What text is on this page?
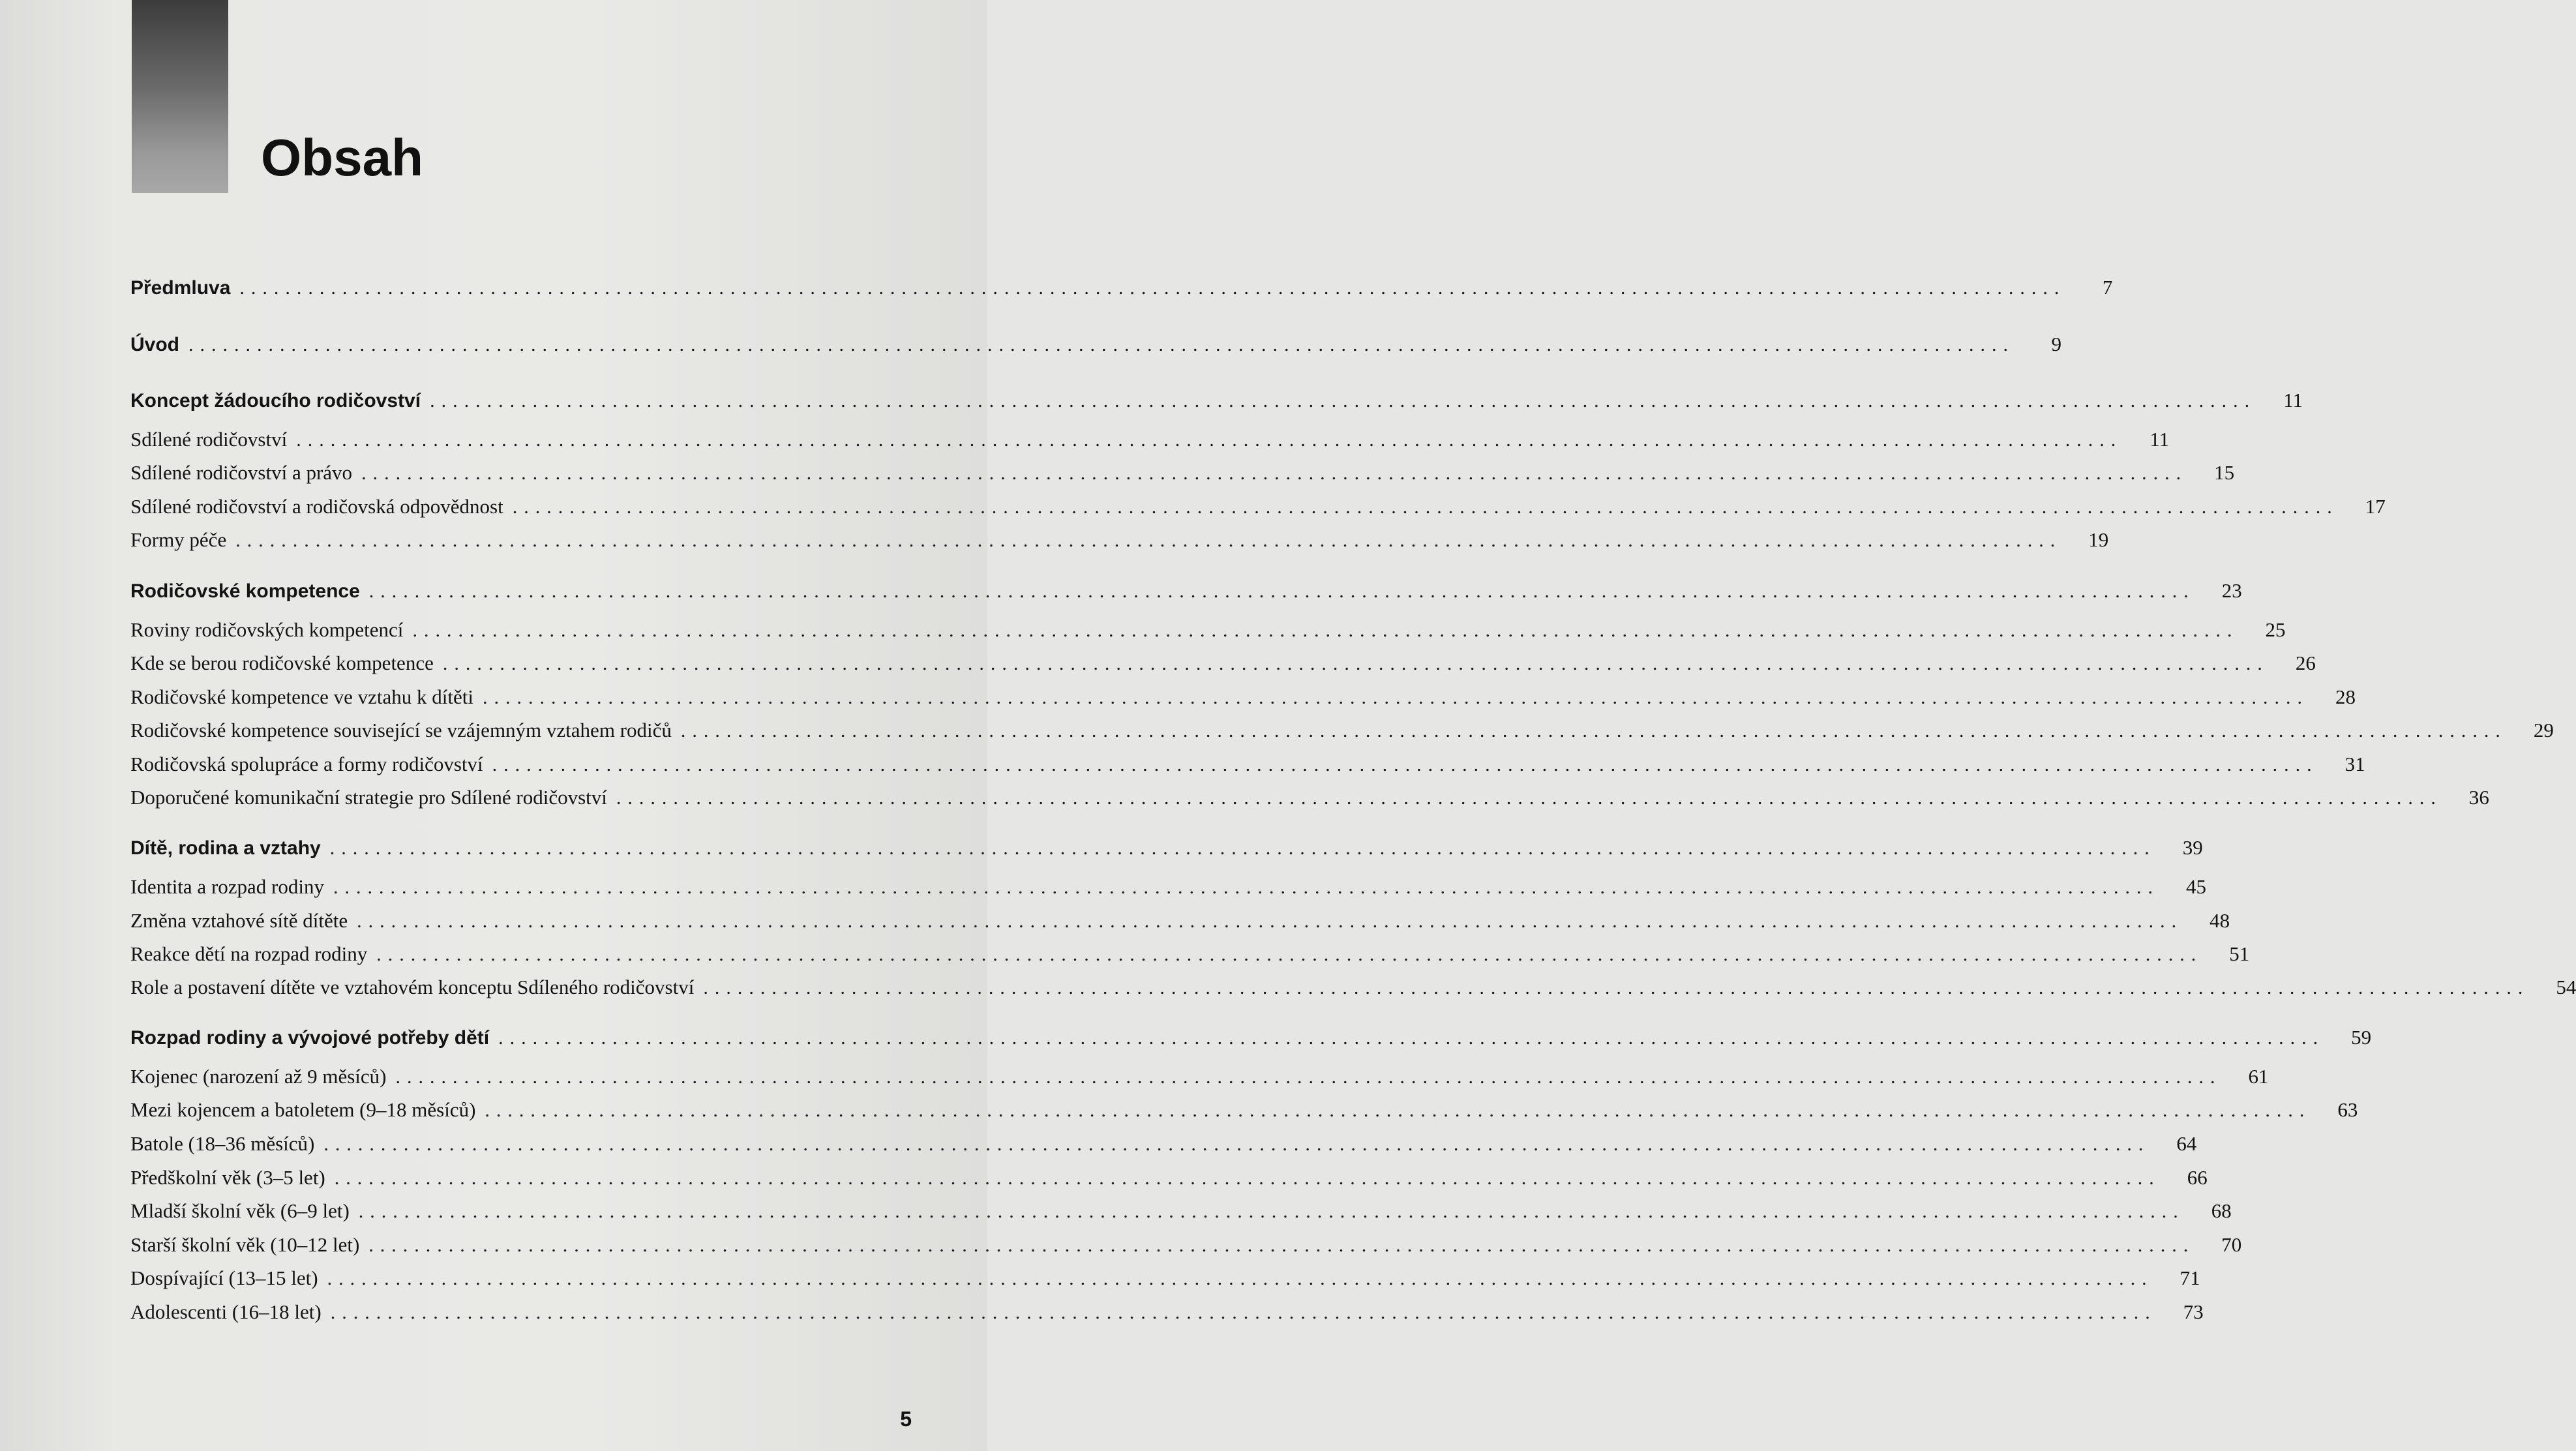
Obsah
Předmluva ................................................................................................................................................................	7
Úvod ................................................................................................................................................................	9
Koncept žádoucího rodičovství ................................................................................................................................................................	11
Sdílené rodičovství ................................................................................................................................................................	11
Sdílené rodičovství a právo ................................................................................................................................................................	15
Sdílené rodičovství a rodičovská odpovědnost ................................................................................................................................................................	17
Formy péče ................................................................................................................................................................	19
Rodičovské kompetence ................................................................................................................................................................	23
Roviny rodičovských kompetencí ................................................................................................................................................................	25
Kde se berou rodičovské kompetence ................................................................................................................................................................	26
Rodičovské kompetence ve vztahu k dítěti ................................................................................................................................................................	28
Rodičovské kompetence související se vzájemným vztahem rodičů ................................................................................................................................................................	29
Rodičovská spolupráce a formy rodičovství ................................................................................................................................................................	31
Doporučené komunikační strategie pro Sdílené rodičovství ................................................................................................................................................................	36
Dítě, rodina a vztahy ................................................................................................................................................................	39
Identita a rozpad rodiny ................................................................................................................................................................	45
Změna vztahové sítě dítěte ................................................................................................................................................................	48
Reakce dětí na rozpad rodiny ................................................................................................................................................................	51
Role a postavení dítěte ve vztahovém konceptu Sdíleného rodičovství ................................................................................................................................................................	54
Rozpad rodiny a vývojové potřeby dětí ................................................................................................................................................................	59
Kojenec (narození až 9 měsíců) ................................................................................................................................................................	61
Mezi kojencem a batoletem (9–18 měsíců) ................................................................................................................................................................	63
Batole (18–36 měsíců) ................................................................................................................................................................	64
Předškolní věk (3–5 let) ................................................................................................................................................................	66
Mladší školní věk (6–9 let) ................................................................................................................................................................	68
Starší školní věk (10–12 let) ................................................................................................................................................................	70
Dospívající (13–15 let) ................................................................................................................................................................	71
Adolescenti (16–18 let) ................................................................................................................................................................	73
5
